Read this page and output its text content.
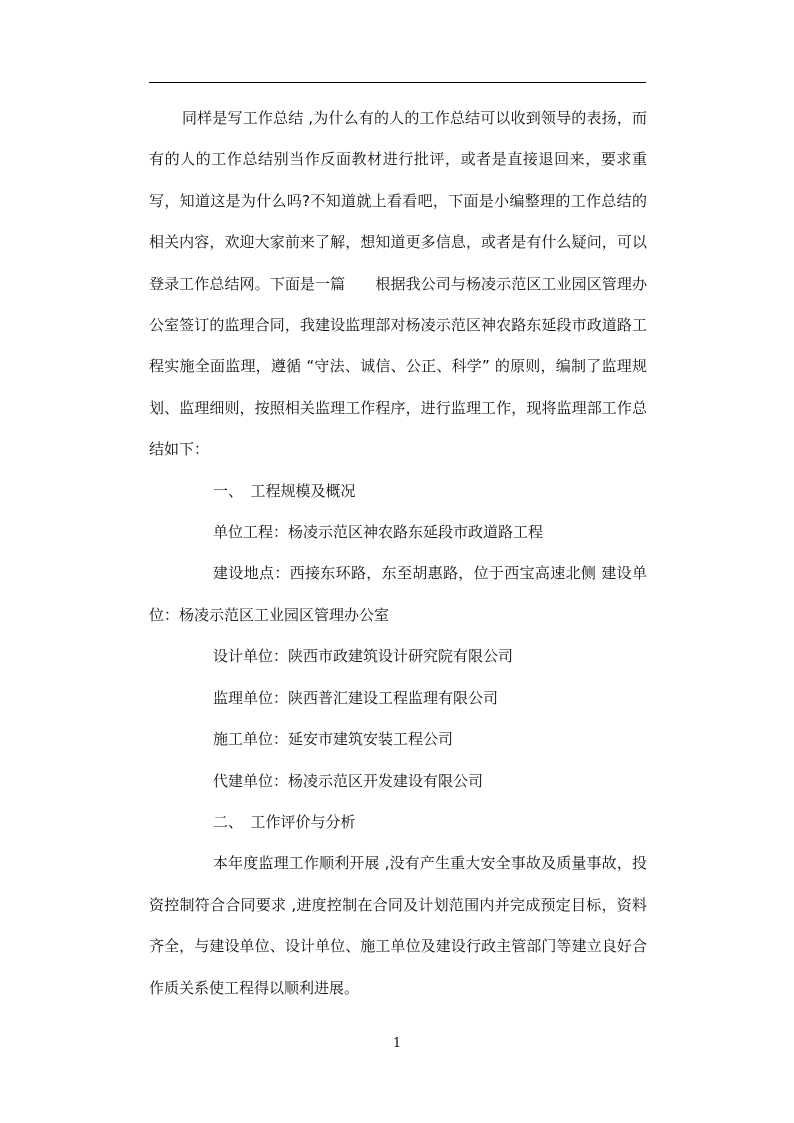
同样是写工作总结 ,为什么有的人的工作总结可以收到领导的表扬，而有的人的工作总结别当作反面教材进行批评，或者是直接退回来，要求重写，知道这是为什么吗?不知道就上看看吧，下面是小编整理的工作总结的相关内容，欢迎大家前来了解，想知道更多信息，或者是有什么疑问，可以登录工作总结网。下面是一篇　　根据我公司与杨凌示范区工业园区管理办公室签订的监理合同，我建设监理部对杨凌示范区神农路东延段市政道路工程实施全面监理，遵循 “守法、诚信、公正、科学” 的原则，编制了监理规划、监理细则，按照相关监理工作程序，进行监理工作，现将监理部工作总结如下：

一、　工程规模及概况

单位工程：杨凌示范区神农路东延段市政道路工程

建设地点：西接东环路，东至胡惠路，位于西宝高速北侧 建设单位：杨凌示范区工业园区管理办公室

设计单位：陕西市政建筑设计研究院有限公司

监理单位：陕西普汇建设工程监理有限公司

施工单位：延安市建筑安装工程公司

代建单位：杨凌示范区开发建设有限公司

二、　工作评价与分析

本年度监理工作顺利开展 ,没有产生重大安全事故及质量事故，投资控制符合合同要求 ,进度控制在合同及计划范围内并完成预定目标，资料齐全，与建设单位、设计单位、施工单位及建设行政主管部门等建立良好合作质关系使工程得以顺利进展。

1
